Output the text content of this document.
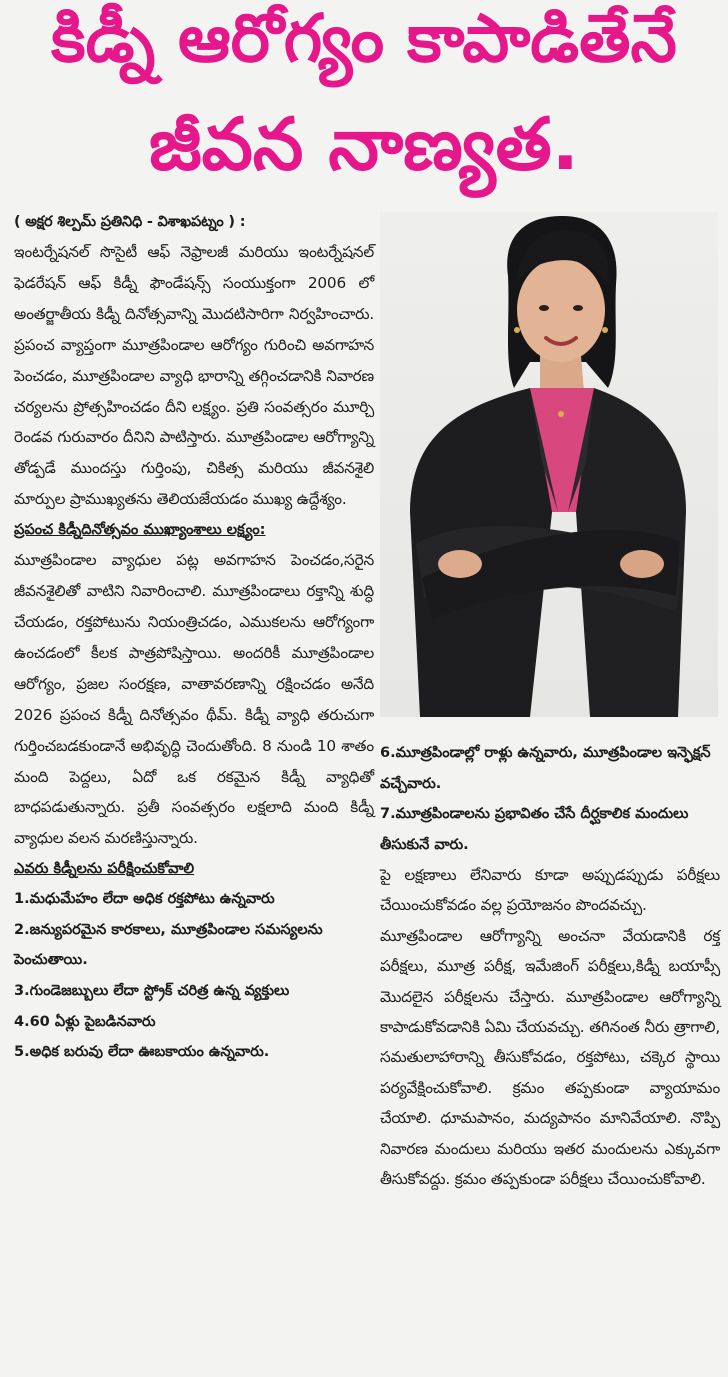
కిడ్నీ ఆరోగ్యం కాపాడితేనే
జీవన నాణ్యత.

( అక్షర శిల్పమ్ ప్రతినిధి - విశాఖపట్నం ) :

ఇంటర్నేషనల్ సొసైటీ ఆఫ్ నెఫ్రాలజీ మరియు ఇంటర్నేషనల్ ఫెడరేషన్ ఆఫ్ కిడ్నీ ఫౌండేషన్స్ సంయుక్తంగా 2006 లో అంతర్జాతీయ కిడ్నీ దినోత్సవాన్ని మొదటిసారిగా నిర్వహించారు. ప్రపంచ వ్యాప్తంగా మూత్రపిండాల ఆరోగ్యం గురించి అవగాహన పెంచడం, మూత్రపిండాల వ్యాధి భారాన్ని తగ్గించడానికి నివారణ చర్యలను ప్రోత్సహించడం దీని లక్ష్యం. ప్రతి సంవత్సరం మూర్చి రెండవ గురువారం దీనిని పాటిస్తారు. మూత్రపిండాల ఆరోగ్యాన్ని తోడ్పడే ముందస్తు గుర్తింపు, చికిత్స మరియు జీవనశైలి మార్పుల ప్రాముఖ్యతను తెలియజేయడం ముఖ్య ఉద్దేశ్యం.

ప్రపంచ కిడ్నీదినోత్సవం ముఖ్యాంశాలు లక్ష్యం:

మూత్రపిండాల వ్యాధుల పట్ల అవగాహన పెంచడం,సరైన జీవనశైలితో వాటిని నివారించాలి. మూత్రపిండాలు రక్తాన్ని శుద్ధి చేయడం, రక్తపోటును నియంత్రిచడం, ఎముకలను ఆరోగ్యంగా ఉంచడంలో కీలక పాత్రపోషిస్తాయి. అందరికీ మూత్రపిండాల ఆరోగ్యం, ప్రజల సంరక్షణ, వాతావరణాన్ని రక్షించడం అనేది 2026 ప్రపంచ కిడ్నీ దినోత్సవం థీమ్. కిడ్నీ వ్యాధి తరుచుగా గుర్తించబడకుండానే అభివృద్ధి చెందుతోంది. 8 నుండి 10 శాతం మంది పెద్దలు, ఏదో ఒక రకమైన కిడ్నీ వ్యాధితో బాధపడుతున్నారు. ప్రతీ సంవత్సరం లక్షలాది మంది కిడ్నీ వ్యాధుల వలన మరణిస్తున్నారు.

ఎవరు కిడ్నీలను పరీక్షించుకోవాలి

1.మధుమేహం లేదా అధిక రక్తపోటు ఉన్నవారు

2.జన్యుపరమైన కారకాలు, మూత్రపిండాల సమస్యలను పెంచుతాయి.

3.గుండెజబ్బులు లేదా స్ట్రోక్ చరిత్ర ఉన్న వ్యక్తులు

4.60 ఏళ్లు పైబడినవారు

5.అధిక బరువు లేదా ఊబకాయం ఉన్నవారు.

6.మూత్రపిండాల్లో రాళ్లు ఉన్నవారు, మూత్రపిండాల ఇన్ఫెక్షన్ వచ్చేవారు.

7.మూత్రపిండాలను ప్రభావితం చేసే దీర్ఘకాలిక మందులు తీసుకునే వారు.

పై లక్షణాలు లేనివారు కూడా అప్పుడప్పుడు పరీక్షలు చేయించుకోవడం వల్ల ప్రయోజనం పొందవచ్చు.

మూత్రపిండాల ఆరోగ్యాన్ని అంచనా వేయడానికి రక్త పరీక్షలు, మూత్ర పరీక్ష, ఇమేజింగ్ పరీక్షలు,కిడ్నీ బయాప్సీ మొదలైన పరీక్షలను చేస్తారు. మూత్రపిండాల ఆరోగ్యాన్ని కాపాడుకోవడానికి ఏమి చేయవచ్చు. తగినంత నీరు త్రాగాలి, సమతులాహారాన్ని తీసుకోవడం, రక్తపోటు, చక్కెర స్థాయి పర్యవేక్షించుకోవాలి. క్రమం తప్పకుండా వ్యాయామం చేయాలి. ధూమపానం, మద్యపానం మానివేయాలి. నొప్పి నివారణ మందులు మరియు ఇతర మందులను ఎక్కువగా తీసుకోవద్దు. క్రమం తప్పకుండా పరీక్షలు చేయించుకోవాలి.
